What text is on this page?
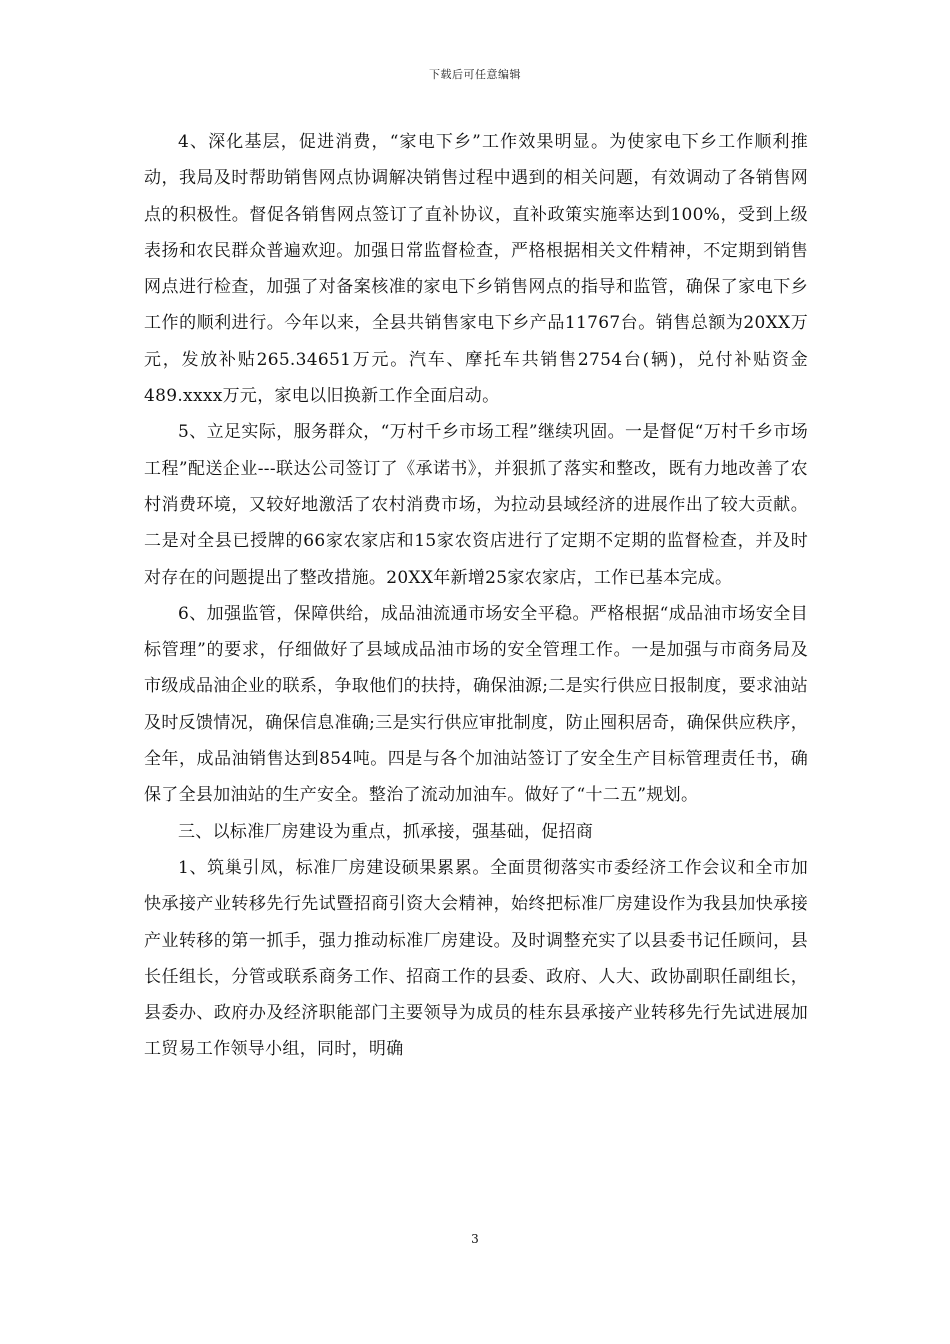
下载后可任意编辑

4、深化基层，促进消费，“家电下乡”工作效果明显。为使家电下乡工作顺利推动，我局及时帮助销售网点协调解决销售过程中遇到的相关问题，有效调动了各销售网点的积极性。督促各销售网点签订了直补协议，直补政策实施率达到100%，受到上级表扬和农民群众普遍欢迎。加强日常监督检查，严格根据相关文件精神，不定期到销售网点进行检查，加强了对备案核准的家电下乡销售网点的指导和监管，确保了家电下乡工作的顺利进行。今年以来，全县共销售家电下乡产品11767台。销售总额为20XX万元，发放补贴265.34651万元。汽车、摩托车共销售2754台(辆)，兑付补贴资金489.xxxx万元，家电以旧换新工作全面启动。

5、立足实际，服务群众，“万村千乡市场工程”继续巩固。一是督促“万村千乡市场工程”配送企业---联达公司签订了《承诺书》，并狠抓了落实和整改，既有力地改善了农村消费环境，又较好地激活了农村消费市场，为拉动县域经济的进展作出了较大贡献。二是对全县已授牌的66家农家店和15家农资店进行了定期不定期的监督检查，并及时对存在的问题提出了整改措施。20XX年新增25家农家店，工作已基本完成。

6、加强监管，保障供给，成品油流通市场安全平稳。严格根据“成品油市场安全目标管理”的要求，仔细做好了县域成品油市场的安全管理工作。一是加强与市商务局及市级成品油企业的联系，争取他们的扶持，确保油源;二是实行供应日报制度，要求油站及时反馈情况，确保信息准确;三是实行供应审批制度，防止囤积居奇，确保供应秩序，全年，成品油销售达到854吨。四是与各个加油站签订了安全生产目标管理责任书，确保了全县加油站的生产安全。整治了流动加油车。做好了“十二五”规划。

三、以标准厂房建设为重点，抓承接，强基础，促招商

1、筑巢引凤，标准厂房建设硕果累累。全面贯彻落实市委经济工作会议和全市加快承接产业转移先行先试暨招商引资大会精神，始终把标准厂房建设作为我县加快承接产业转移的第一抓手，强力推动标准厂房建设。及时调整充实了以县委书记任顾问，县长任组长，分管或联系商务工作、招商工作的县委、政府、人大、政协副职任副组长，县委办、政府办及经济职能部门主要领导为成员的桂东县承接产业转移先行先试进展加工贸易工作领导小组，同时，明确

3
